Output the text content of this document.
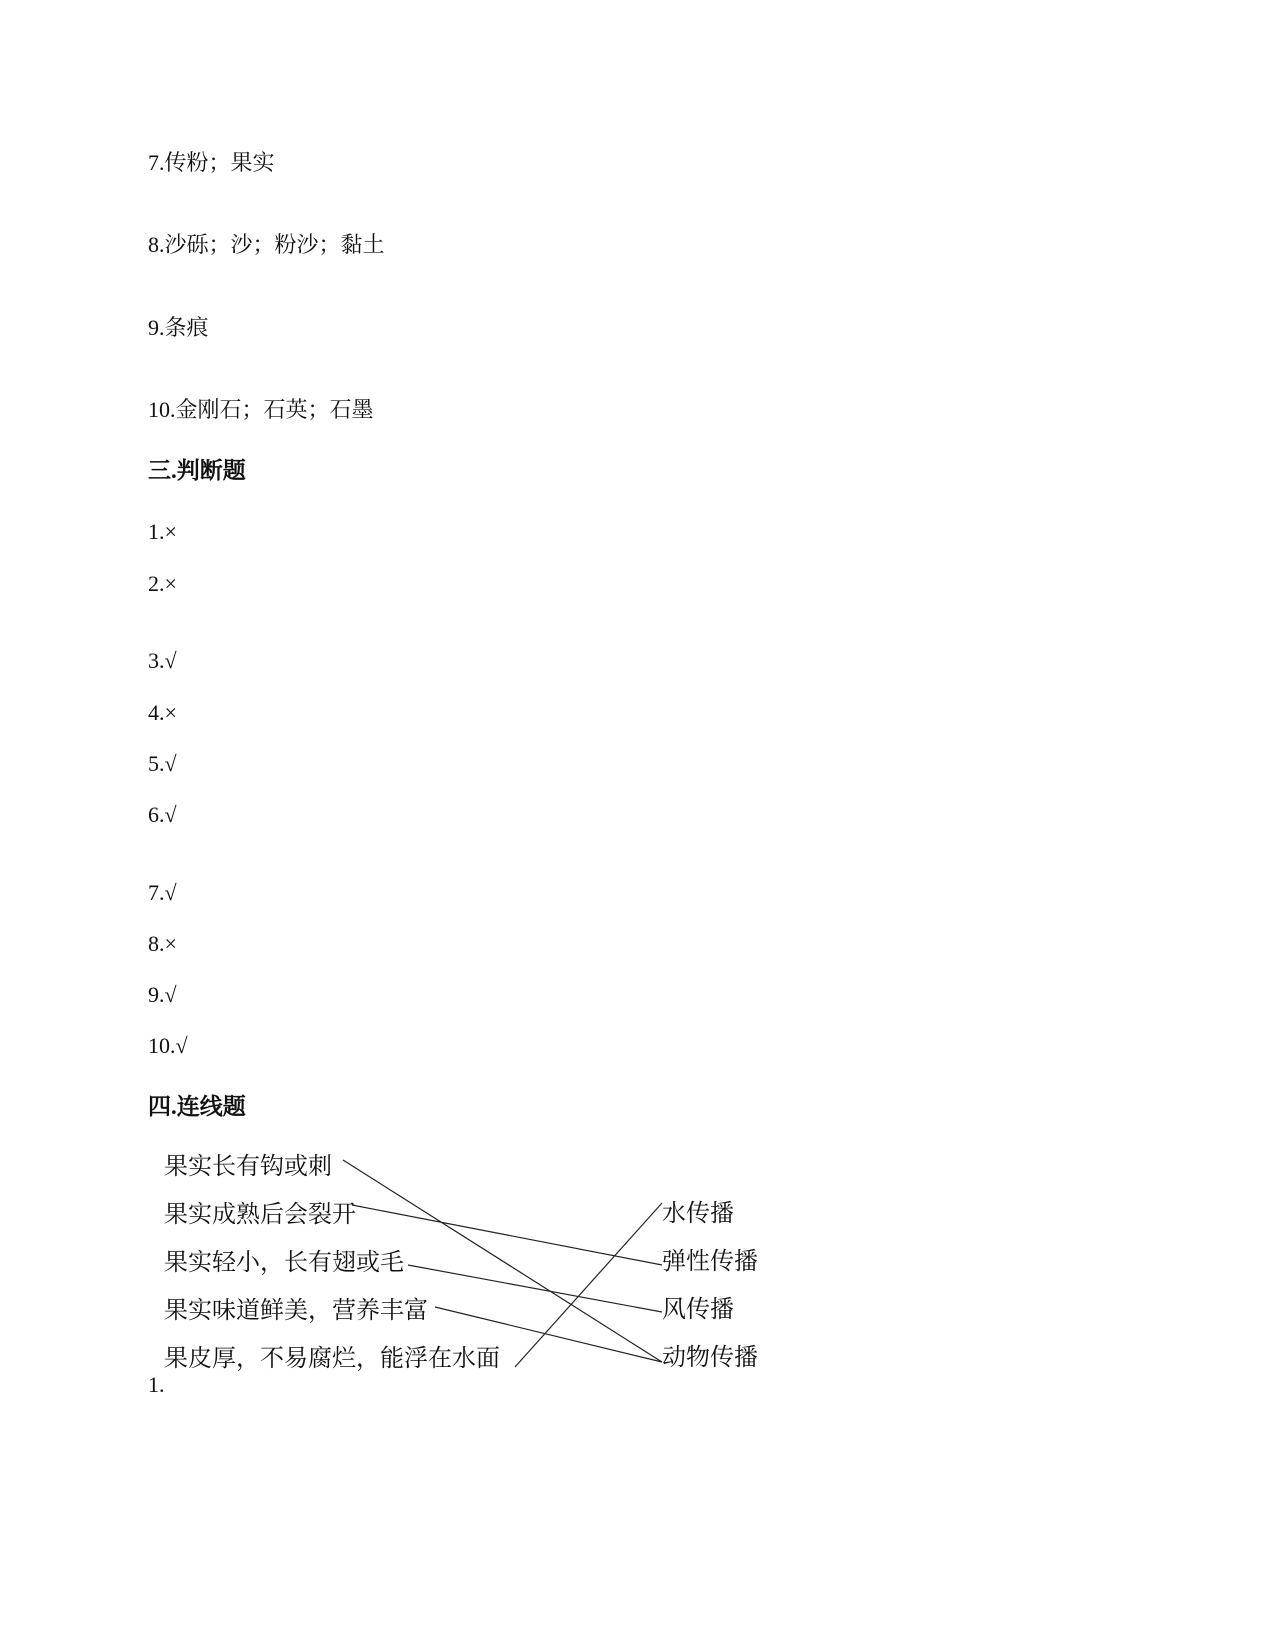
7.传粉；果实
8.沙砾；沙；粉沙；黏土
9.条痕
10.金刚石；石英；石墨
三.判断题
1.×
2.×
3.√
4.×
5.√
6.√
7.√
8.×
9.√
10.√
四.连线题
果实长有钩或刺
果实成熟后会裂开
果实轻小，长有翅或毛
果实味道鲜美，营养丰富
果皮厚，不易腐烂，能浮在水面
水传播
弹性传播
风传播
动物传播
1.
